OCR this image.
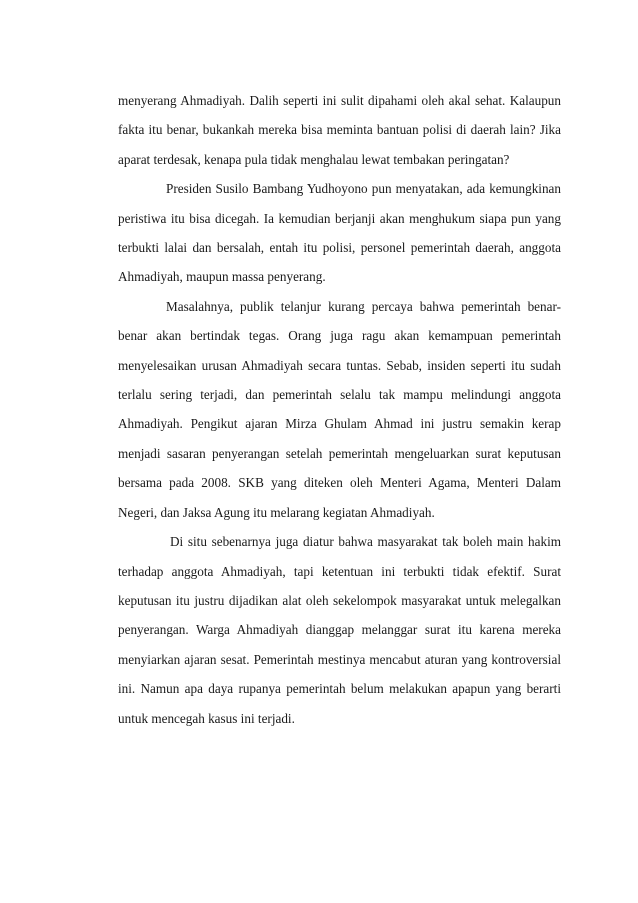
menyerang Ahmadiyah. Dalih seperti ini sulit dipahami oleh akal sehat. Kalaupun fakta itu benar, bukankah mereka bisa meminta bantuan polisi di daerah lain? Jika aparat terdesak, kenapa pula tidak menghalau lewat tembakan peringatan?

Presiden Susilo Bambang Yudhoyono pun menyatakan, ada kemungkinan peristiwa itu bisa dicegah. Ia kemudian berjanji akan menghukum siapa pun yang terbukti lalai dan bersalah, entah itu polisi, personel pemerintah daerah, anggota Ahmadiyah, maupun massa penyerang.

Masalahnya, publik telanjur kurang percaya bahwa pemerintah benar-benar akan bertindak tegas. Orang juga ragu akan kemampuan pemerintah menyelesaikan urusan Ahmadiyah secara tuntas. Sebab, insiden seperti itu sudah terlalu sering terjadi, dan pemerintah selalu tak mampu melindungi anggota Ahmadiyah. Pengikut ajaran Mirza Ghulam Ahmad ini justru semakin kerap menjadi sasaran penyerangan setelah pemerintah mengeluarkan surat keputusan bersama pada 2008. SKB yang diteken oleh Menteri Agama, Menteri Dalam Negeri, dan Jaksa Agung itu melarang kegiatan Ahmadiyah.

Di situ sebenarnya juga diatur bahwa masyarakat tak boleh main hakim terhadap anggota Ahmadiyah, tapi ketentuan ini terbukti tidak efektif. Surat keputusan itu justru dijadikan alat oleh sekelompok masyarakat untuk melegalkan penyerangan. Warga Ahmadiyah dianggap melanggar surat itu karena mereka menyiarkan ajaran sesat. Pemerintah mestinya mencabut aturan yang kontroversial ini. Namun apa daya rupanya pemerintah belum melakukan apapun yang berarti untuk mencegah kasus ini terjadi.
